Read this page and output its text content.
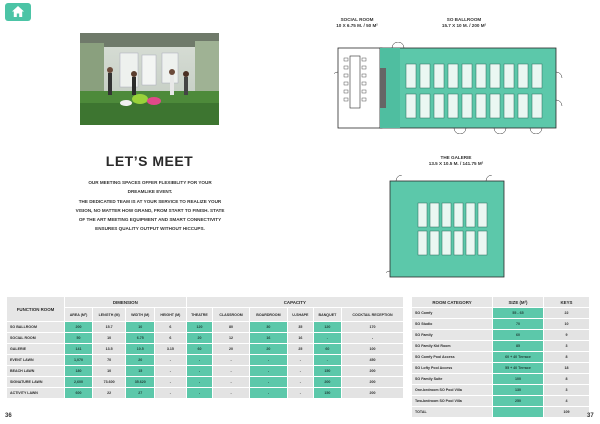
LET’S MEET

OUR MEETING SPACES OFFER FLEXIBILITY FOR YOUR DREAMLIKE EVENT.

THE DEDICATED TEAM IS AT YOUR SERVICE TO REALIZE YOUR VISION, NO MATTER HOW GRAND, FROM START TO FINISH. STATE OF THE ART MEETING EQUIPMENT AND SMART CONNECTIVITY ENSURES QUALITY OUTPUT WITHOUT HICCUPS.

SOCIAL ROOM
10 X 6.75 M. / 50 M²
SO BALLROOM
15.7 X 10 M. / 200 M²
THE GALERIE
13.5 X 10.5 M. / 141.75 M²
FUNCTION ROOM	DIMENSION				CAPACITY					
	AREA (M²)	LENGTH (M)	WIDTH (M)	HEIGHT (M)	THEATRE	CLASSROOM	BOARDROOM	U-SHAPE	BANQUET	COCKTAIL RECEPTION
SO BALLROOM	200	15.7	10	6	120	80	30	35	120	170
SOCIAL ROOM	50	10	6.75	6	20	12	16	16	-	-
GALERIE	141	13.5	10.5	3.15	60	20	20	25	60	100
EVENT LAWN	1,070	70	20	-	-	-	-	-	-	450
BEACH LAWN	180	10	15	-	-	-	-	-	150	200
SIGNATURE LAWN	2,600	73.600	35.620	-	-	-	-	-	200	200
ACTIVITY LAWN	600	22	27	-	-	-	-	-	150	200
ROOM CATEGORY	SIZE (M²)	KEYS
SO Comfy	55 - 65	22
SO Studio	70	10
SO Family	60	9
SO Family Kid Room	85	3
SO Comfy Pool Access	60 + 40 Terrace	8
SO Lofty Pool Access	55 + 40 Terrace	18
SO Family Suite	100	8
One-bedroom SO Pool Villa	130	3
Two-bedroom SO Pool Villa	250	4
TOTAL		109
36	37
